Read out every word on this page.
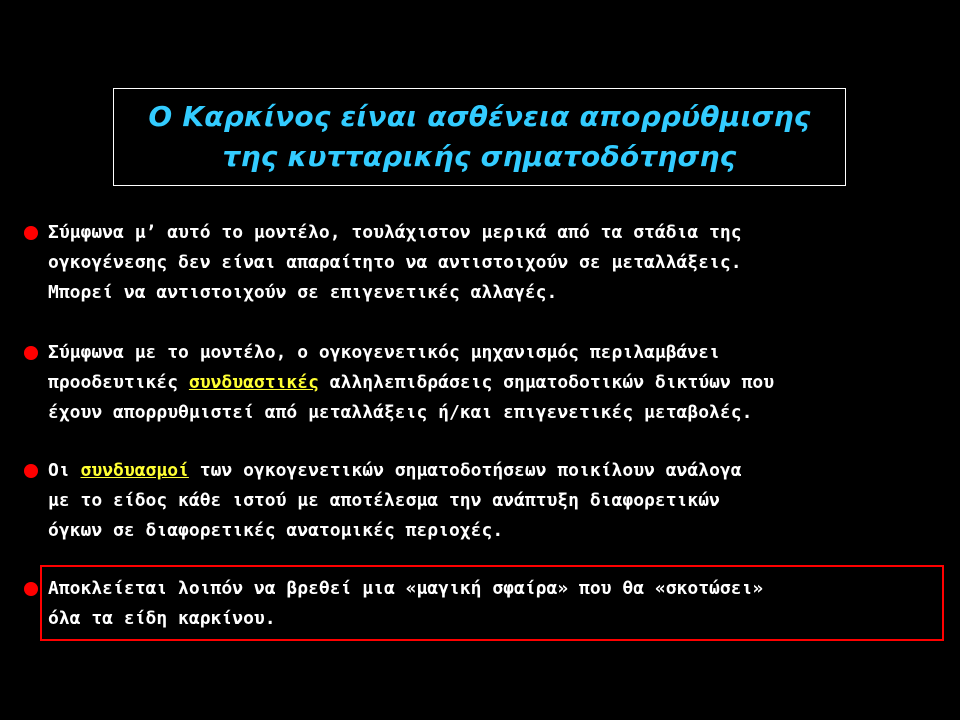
Ο Καρκίνος είναι ασθένεια απορρύθμισης
της κυτταρικής σηματοδότησης
Σύμφωνα μ’ αυτό το μοντέλο, τουλάχιστον μερικά από τα στάδια της
ογκογένεσης δεν είναι απαραίτητο να αντιστοιχούν σε μεταλλάξεις.
Μπορεί να αντιστοιχούν σε επιγενετικές αλλαγές.
Σύμφωνα με το μοντέλο, ο ογκογενετικός μηχανισμός περιλαμβάνει
προοδευτικές συνδυαστικές αλληλεπιδράσεις σηματοδοτικών δικτύων που
έχουν απορρυθμιστεί από μεταλλάξεις ή/και επιγενετικές μεταβολές.
Οι συνδυασμοί των ογκογενετικών σηματοδοτήσεων ποικίλουν ανάλογα
με το είδος κάθε ιστού με αποτέλεσμα την ανάπτυξη διαφορετικών
όγκων σε διαφορετικές ανατομικές περιοχές.
Αποκλείεται λοιπόν να βρεθεί μια «μαγική σφαίρα» που θα «σκοτώσει»
όλα τα είδη καρκίνου.
